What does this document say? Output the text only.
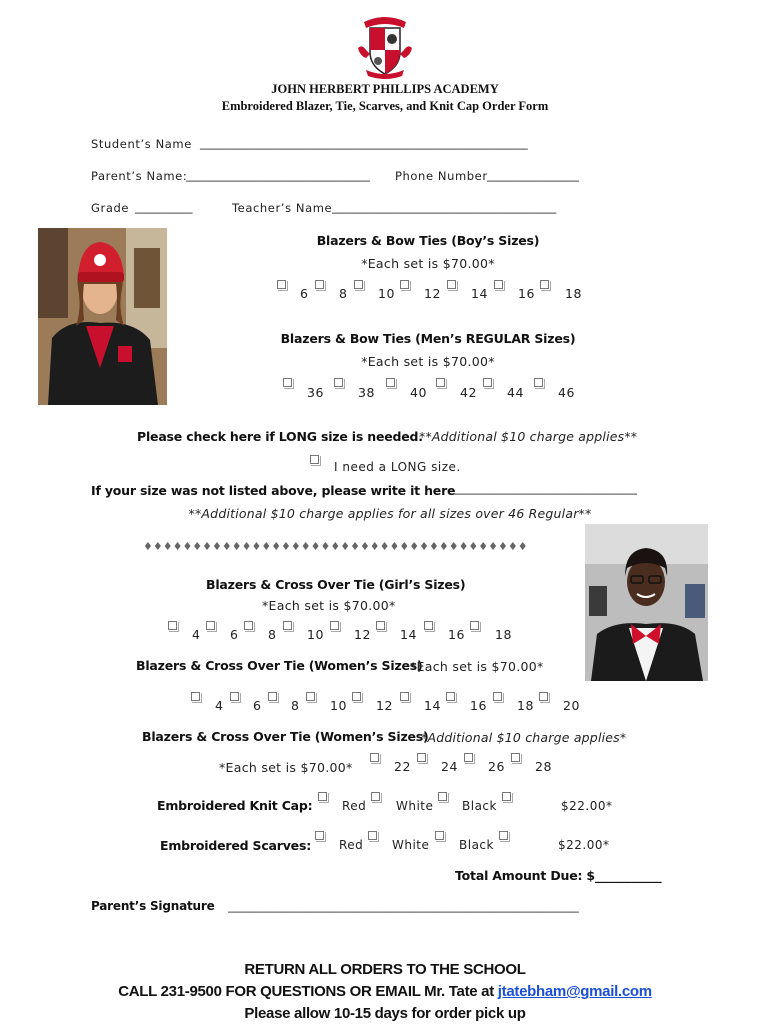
JOHN HERBERT PHILLIPS ACADEMY
Embroidered Blazer, Tie, Scarves, and Knit Cap Order Form
Student’s Name _________________________________________________________
Parent’s Name:
________________________________ Phone Number ________________
Grade __________	Teacher’s Name _______________________________________
Blazers & Bow Ties (Boy’s Sizes)
*Each set is $70.00*
6 8 10 12 14 16 18
Blazers & Bow Ties (Men’s REGULAR Sizes)
*Each set is $70.00*
36	38	40	42 44	46
Please check here if LONG size is needed.
**Additional $10 charge applies**
I need a LONG size.
If your size was not listed above, please write it here
________________________________
**Additional $10 charge applies for all sizes over 46 Regular**
♦♦♦♦♦♦♦♦♦♦♦♦♦♦♦♦♦♦♦♦♦♦♦♦♦♦♦♦♦♦♦♦♦♦♦♦♦♦♦
Blazers & Cross Over Tie (Girl’s Sizes)
*Each set is $70.00*
4 6 8 10 12 14 16 18
Blazers & Cross Over Tie (Women’s Sizes)
*Each set is $70.00*
4 6 8 10 12 14 16 18 20
Blazers & Cross Over Tie (Women’s Sizes)
*Additional $10 charge applies*
*Each set is $70.00*	22 24 26 28
Embroidered Knit Cap: Red White Black	$22.00*
Embroidered Scarves: Red White Black	$22.00*
Total Amount Due: $___________
Parent’s Signature _____________________________________________________________
RETURN ALL ORDERS TO THE SCHOOL
CALL 231-9500 FOR QUESTIONS OR EMAIL Mr. Tate at jtatebham@gmail.com
Please allow 10-15 days for order pick up
